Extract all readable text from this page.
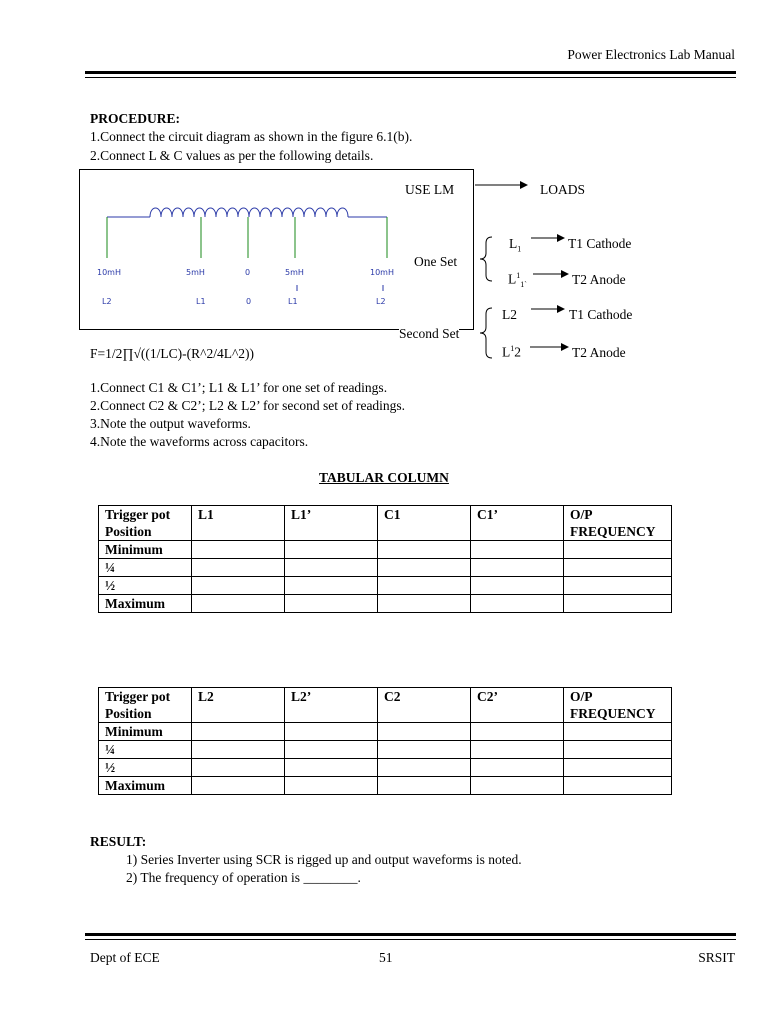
Power Electronics Lab Manual
PROCEDURE:
1.Connect the circuit diagram as shown in the figure 6.1(b).
2.Connect L & C values as per the following details.
10mH	5mH	0	5mH	10mH
L2	L1	0	L1	L2
USE LM	LOADS
One Set
Second Set
$L_1$
$L^1_{1`}$
L2
$L^12$
T1 Cathode
T2 Anode
T1 Cathode
T2 Anode
F=1/2∏√((1/LC)-(R^2/4L^2))
1.Connect C1 & C1’; L1 & L1’ for one set of readings.
2.Connect C2 & C2’; L2 & L2’ for second set of readings.
3.Note the output waveforms.
4.Note the waveforms across capacitors.
TABULAR COLUMN
Trigger pot Position	L1	L1’	C1	C1’	O/P FREQUENCY
Minimum					
¼					
½					
Maximum					
Trigger pot Position	L2	L2’	C2	C2’	O/P FREQUENCY
Minimum					
¼					
½					
Maximum					
RESULT:
1) Series Inverter using SCR is rigged up and output waveforms is noted.
2) The frequency of operation is ________.
Dept of ECE	51	SRSIT
